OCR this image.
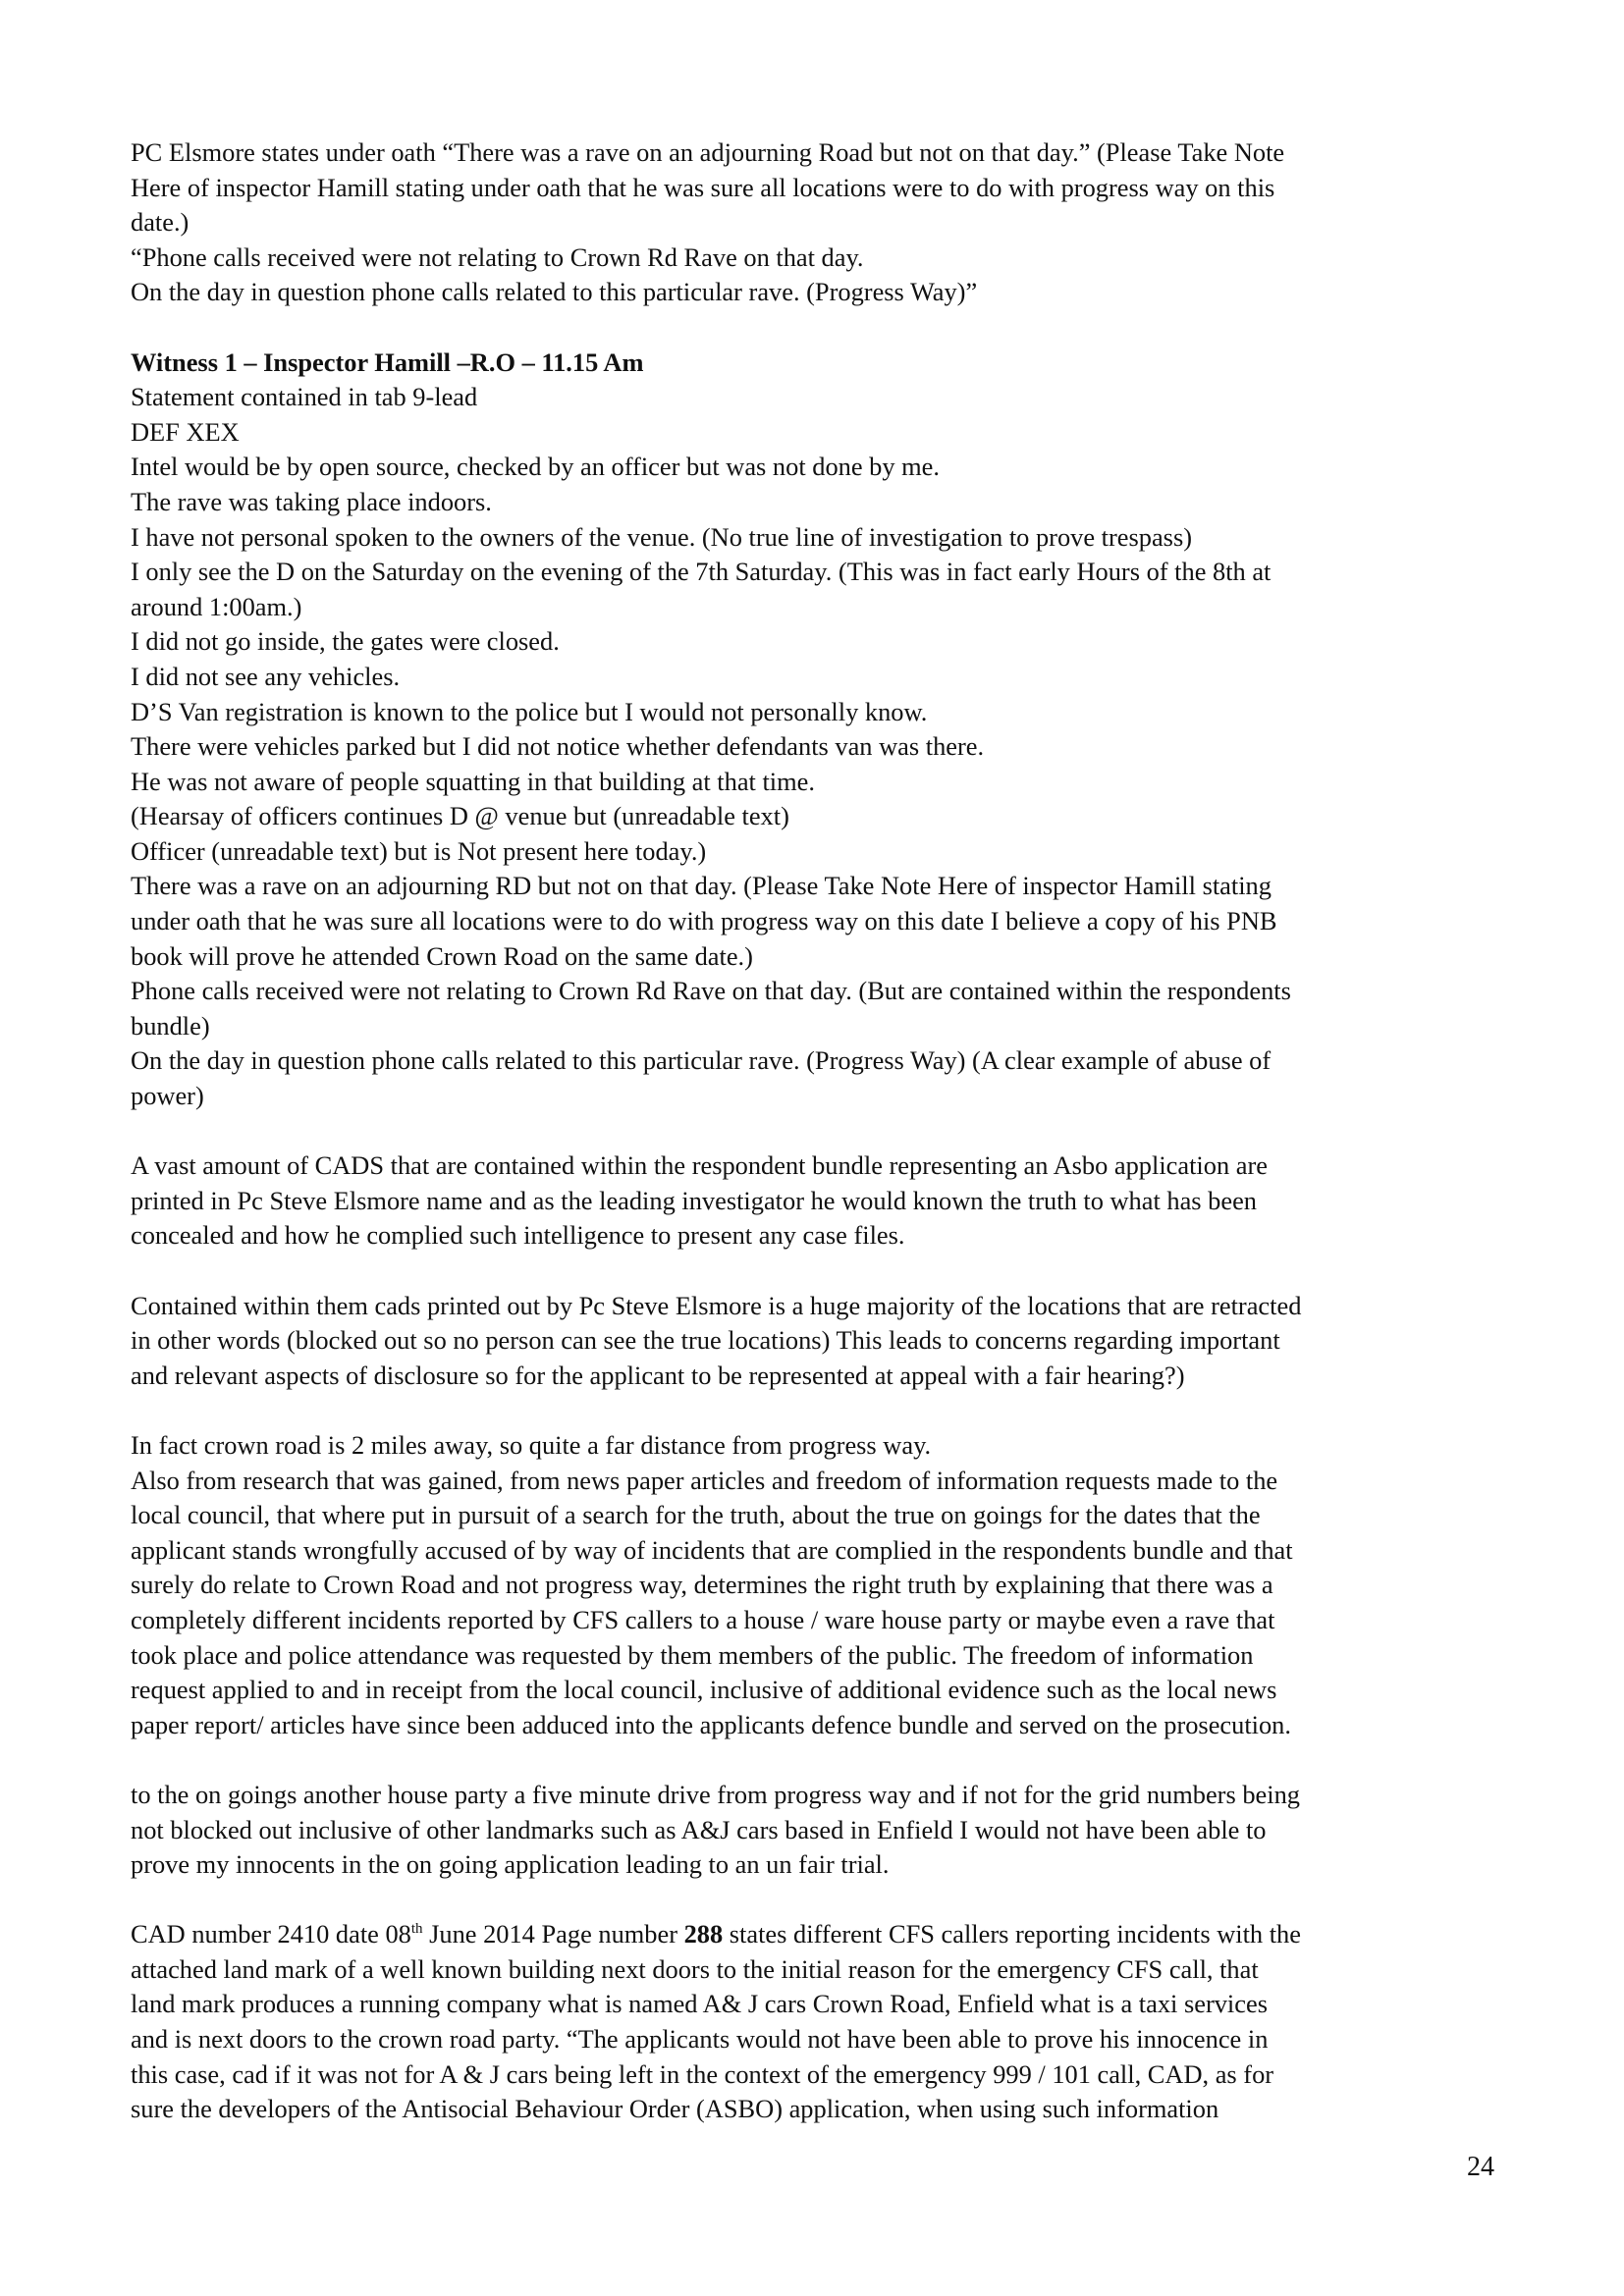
PC Elsmore states under oath “There was a rave on an adjourning Road but not on that day.” (Please Take Note

Here of inspector Hamill stating under oath that he was sure all locations were to do with progress way on this

date.)

“Phone calls received were not relating to Crown Rd Rave on that day.

On the day in question phone calls related to this particular rave. (Progress Way)”

Witness 1 – Inspector Hamill –R.O – 11.15 Am

Statement contained in tab 9-lead

DEF XEX

Intel would be by open source, checked by an officer but was not done by me.

The rave was taking place indoors.

I have not personal spoken to the owners of the venue. (No true line of investigation to prove trespass)

I only see the D on the Saturday on the evening of the 7th Saturday. (This was in fact early Hours of the 8th at

around 1:00am.)

I did not go inside, the gates were closed.

I did not see any vehicles.

D’S Van registration is known to the police but I would not personally know.

There were vehicles parked but I did not notice whether defendants van was there.

He was not aware of people squatting in that building at that time.

(Hearsay of officers continues D @ venue but (unreadable text)

Officer (unreadable text) but is Not present here today.)

There was a rave on an adjourning RD but not on that day. (Please Take Note Here of inspector Hamill stating

under oath that he was sure all locations were to do with progress way on this date I believe a copy of his PNB

book will prove he attended Crown Road on the same date.)

Phone calls received were not relating to Crown Rd Rave on that day. (But are contained within the respondents

bundle)

On the day in question phone calls related to this particular rave. (Progress Way) (A clear example of abuse of

power)

A vast amount of CADS that are contained within the respondent bundle representing an Asbo application are

printed in Pc Steve Elsmore name and as the leading investigator he would known the truth to what has been

concealed and how he complied such intelligence to present any case files.

Contained within them cads printed out by Pc Steve Elsmore is a huge majority of the locations that are retracted

in other words (blocked out so no person can see the true locations) This leads to concerns regarding important

and relevant aspects of disclosure so for the applicant to be represented at appeal with a fair hearing?)

In fact crown road is 2 miles away, so quite a far distance from progress way.

Also from research that was gained, from news paper articles and freedom of information requests made to the

local council, that where put in pursuit of a search for the truth, about the true on goings for the dates that the

applicant stands wrongfully accused of by way of incidents that are complied in the respondents bundle and that

surely do relate to Crown Road and not progress way, determines the right truth by explaining that there was a

completely different incidents reported by CFS callers to a house / ware house party or maybe even a rave that

took place and police attendance was requested by them members of the public. The freedom of information

request applied to and in receipt from the local council, inclusive of additional evidence such as the local news

paper report/ articles have since been adduced into the applicants defence bundle and served on the prosecution.

to the on goings another house party a five minute drive from progress way and if not for the grid numbers being

not blocked out inclusive of other landmarks such as A&J cars based in Enfield I would not have been able to

prove my innocents in the on going application leading to an un fair trial.

CAD number 2410 date 08th June 2014 Page number 288 states different CFS callers reporting incidents with the

attached land mark of a well known building next doors to the initial reason for the emergency CFS call, that

land mark produces a running company what is named A& J cars Crown Road, Enfield what is a taxi services

and is next doors to the crown road party. “The applicants would not have been able to prove his innocence in

this case, cad if it was not for A & J cars being left in the context of the emergency 999 / 101 call, CAD, as for

sure the developers of the Antisocial Behaviour Order (ASBO) application, when using such information

24
